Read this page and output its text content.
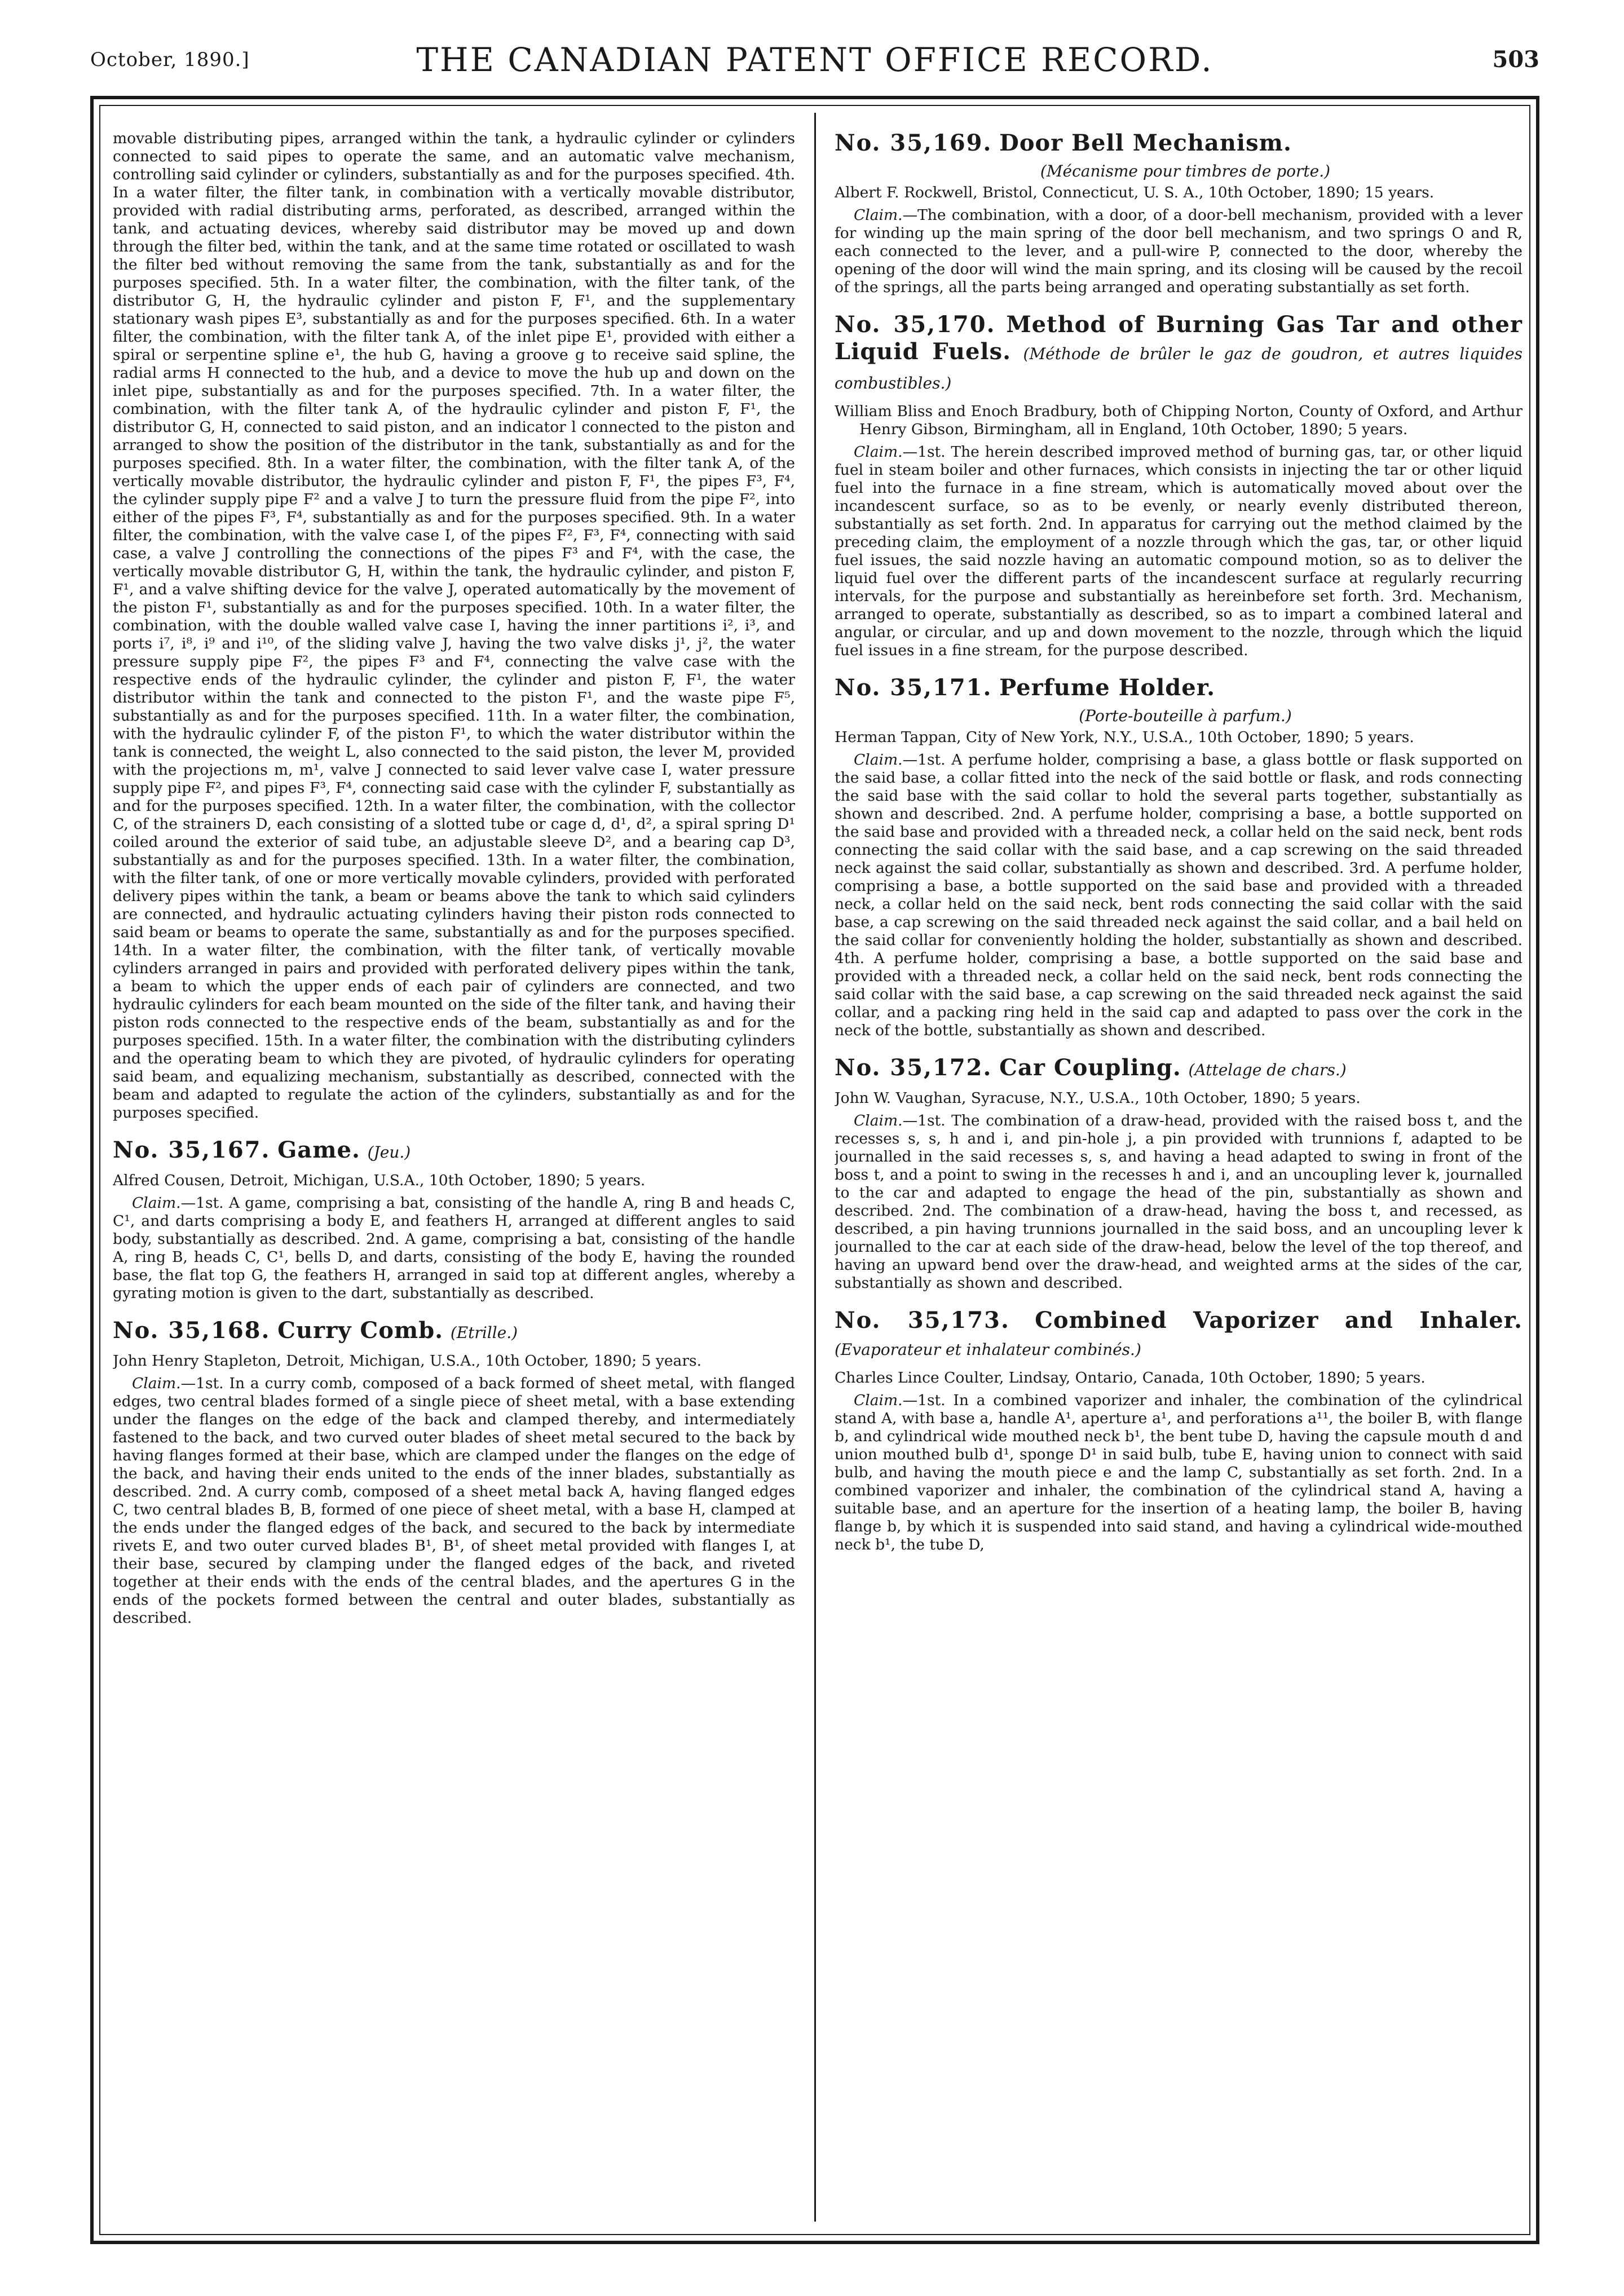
October, 1890.]	THE CANADIAN PATENT OFFICE RECORD.	503

movable distributing pipes, arranged within the tank, a hydraulic cylinder or cylinders connected to said pipes to operate the same, and an automatic valve mechanism, controlling said cylinder or cylinders, substantially as and for the purposes specified. 4th. In a water filter, the filter tank, in combination with a vertically movable distributor, provided with radial distributing arms, perforated, as described, arranged within the tank, and actuating devices, whereby said distributor may be moved up and down through the filter bed, within the tank, and at the same time rotated or oscillated to wash the filter bed without removing the same from the tank, substantially as and for the purposes specified. 5th. In a water filter, the combination, with the filter tank, of the distributor G, H, the hydraulic cylinder and piston F, F¹, and the supplementary stationary wash pipes E³, substantially as and for the purposes specified. 6th. In a water filter, the combination, with the filter tank A, of the inlet pipe E¹, provided with either a spiral or serpentine spline e¹, the hub G, having a groove g to receive said spline, the radial arms H connected to the hub, and a device to move the hub up and down on the inlet pipe, substantially as and for the purposes specified. 7th. In a water filter, the combination, with the filter tank A, of the hydraulic cylinder and piston F, F¹, the distributor G, H, connected to said piston, and an indicator l connected to the piston and arranged to show the position of the distributor in the tank, substantially as and for the purposes specified. 8th. In a water filter, the combination, with the filter tank A, of the vertically movable distributor, the hydraulic cylinder and piston F, F¹, the pipes F³, F⁴, the cylinder supply pipe F² and a valve J to turn the pressure fluid from the pipe F², into either of the pipes F³, F⁴, substantially as and for the purposes specified. 9th. In a water filter, the combination, with the valve case I, of the pipes F², F³, F⁴, connecting with said case, a valve J controlling the connections of the pipes F³ and F⁴, with the case, the vertically movable distributor G, H, within the tank, the hydraulic cylinder, and piston F, F¹, and a valve shifting device for the valve J, operated automatically by the movement of the piston F¹, substantially as and for the purposes specified. 10th. In a water filter, the combination, with the double walled valve case I, having the inner partitions i², i³, and ports i⁷, i⁸, i⁹ and i¹⁰, of the sliding valve J, having the two valve disks j¹, j², the water pressure supply pipe F², the pipes F³ and F⁴, connecting the valve case with the respective ends of the hydraulic cylinder, the cylinder and piston F, F¹, the water distributor within the tank and connected to the piston F¹, and the waste pipe F⁵, substantially as and for the purposes specified. 11th. In a water filter, the combination, with the hydraulic cylinder F, of the piston F¹, to which the water distributor within the tank is connected, the weight L, also connected to the said piston, the lever M, provided with the projections m, m¹, valve J connected to said lever valve case I, water pressure supply pipe F², and pipes F³, F⁴, connecting said case with the cylinder F, substantially as and for the purposes specified. 12th. In a water filter, the combination, with the collector C, of the strainers D, each consisting of a slotted tube or cage d, d¹, d², a spiral spring D¹ coiled around the exterior of said tube, an adjustable sleeve D², and a bearing cap D³, substantially as and for the purposes specified. 13th. In a water filter, the combination, with the filter tank, of one or more vertically movable cylinders, provided with perforated delivery pipes within the tank, a beam or beams above the tank to which said cylinders are connected, and hydraulic actuating cylinders having their piston rods connected to said beam or beams to operate the same, substantially as and for the purposes specified. 14th. In a water filter, the combination, with the filter tank, of vertically movable cylinders arranged in pairs and provided with perforated delivery pipes within the tank, a beam to which the upper ends of each pair of cylinders are connected, and two hydraulic cylinders for each beam mounted on the side of the filter tank, and having their piston rods connected to the respective ends of the beam, substantially as and for the purposes specified. 15th. In a water filter, the combination with the distributing cylinders and the operating beam to which they are pivoted, of hydraulic cylinders for operating said beam, and equalizing mechanism, substantially as described, connected with the beam and adapted to regulate the action of the cylinders, substantially as and for the purposes specified.

No. 35,167. Game. (Jeu.)

Alfred Cousen, Detroit, Michigan, U.S.A., 10th October, 1890; 5 years.

Claim.—1st. A game, comprising a bat, consisting of the handle A, ring B and heads C, C¹, and darts comprising a body E, and feathers H, arranged at different angles to said body, substantially as described. 2nd. A game, comprising a bat, consisting of the handle A, ring B, heads C, C¹, bells D, and darts, consisting of the body E, having the rounded base, the flat top G, the feathers H, arranged in said top at different angles, whereby a gyrating motion is given to the dart, substantially as described.

No. 35,168. Curry Comb. (Etrille.)

John Henry Stapleton, Detroit, Michigan, U.S.A., 10th October, 1890; 5 years.

Claim.—1st. In a curry comb, composed of a back formed of sheet metal, with flanged edges, two central blades formed of a single piece of sheet metal, with a base extending under the flanges on the edge of the back and clamped thereby, and intermediately fastened to the back, and two curved outer blades of sheet metal secured to the back by having flanges formed at their base, which are clamped under the flanges on the edge of the back, and having their ends united to the ends of the inner blades, substantially as described. 2nd. A curry comb, composed of a sheet metal back A, having flanged edges C, two central blades B, B, formed of one piece of sheet metal, with a base H, clamped at the ends under the flanged edges of the back, and secured to the back by intermediate rivets E, and two outer curved blades B¹, B¹, of sheet metal provided with flanges I, at their base, secured by clamping under the flanged edges of the back, and riveted together at their ends with the ends of the central blades, and the apertures G in the ends of the pockets formed between the central and outer blades, substantially as described.

No. 35,169. Door Bell Mechanism.

(Mécanisme pour timbres de porte.)

Albert F. Rockwell, Bristol, Connecticut, U. S. A., 10th October, 1890; 15 years.

Claim.—The combination, with a door, of a door-bell mechanism, provided with a lever for winding up the main spring of the door bell mechanism, and two springs O and R, each connected to the lever, and a pull-wire P, connected to the door, whereby the opening of the door will wind the main spring, and its closing will be caused by the recoil of the springs, all the parts being arranged and operating substantially as set forth.

No. 35,170. Method of Burning Gas Tar and other Liquid Fuels. (Méthode de brûler le gaz de goudron, et autres liquides combustibles.)

William Bliss and Enoch Bradbury, both of Chipping Norton, County of Oxford, and Arthur Henry Gibson, Birmingham, all in England, 10th October, 1890; 5 years.

Claim.—1st. The herein described improved method of burning gas, tar, or other liquid fuel in steam boiler and other furnaces, which consists in injecting the tar or other liquid fuel into the furnace in a fine stream, which is automatically moved about over the incandescent surface, so as to be evenly, or nearly evenly distributed thereon, substantially as set forth. 2nd. In apparatus for carrying out the method claimed by the preceding claim, the employment of a nozzle through which the gas, tar, or other liquid fuel issues, the said nozzle having an automatic compound motion, so as to deliver the liquid fuel over the different parts of the incandescent surface at regularly recurring intervals, for the purpose and substantially as hereinbefore set forth. 3rd. Mechanism, arranged to operate, substantially as described, so as to impart a combined lateral and angular, or circular, and up and down movement to the nozzle, through which the liquid fuel issues in a fine stream, for the purpose described.

No. 35,171. Perfume Holder.

(Porte-bouteille à parfum.)

Herman Tappan, City of New York, N.Y., U.S.A., 10th October, 1890; 5 years.

Claim.—1st. A perfume holder, comprising a base, a glass bottle or flask supported on the said base, a collar fitted into the neck of the said bottle or flask, and rods connecting the said base with the said collar to hold the several parts together, substantially as shown and described. 2nd. A perfume holder, comprising a base, a bottle supported on the said base and provided with a threaded neck, a collar held on the said neck, bent rods connecting the said collar with the said base, and a cap screwing on the said threaded neck against the said collar, substantially as shown and described. 3rd. A perfume holder, comprising a base, a bottle supported on the said base and provided with a threaded neck, a collar held on the said neck, bent rods connecting the said collar with the said base, a cap screwing on the said threaded neck against the said collar, and a bail held on the said collar for conveniently holding the holder, substantially as shown and described. 4th. A perfume holder, comprising a base, a bottle supported on the said base and provided with a threaded neck, a collar held on the said neck, bent rods connecting the said collar with the said base, a cap screwing on the said threaded neck against the said collar, and a packing ring held in the said cap and adapted to pass over the cork in the neck of the bottle, substantially as shown and described.

No. 35,172. Car Coupling. (Attelage de chars.)

John W. Vaughan, Syracuse, N.Y., U.S.A., 10th October, 1890; 5 years.

Claim.—1st. The combination of a draw-head, provided with the raised boss t, and the recesses s, s, h and i, and pin-hole j, a pin provided with trunnions f, adapted to be journalled in the said recesses s, s, and having a head adapted to swing in front of the boss t, and a point to swing in the recesses h and i, and an uncoupling lever k, journalled to the car and adapted to engage the head of the pin, substantially as shown and described. 2nd. The combination of a draw-head, having the boss t, and recessed, as described, a pin having trunnions journalled in the said boss, and an uncoupling lever k journalled to the car at each side of the draw-head, below the level of the top thereof, and having an upward bend over the draw-head, and weighted arms at the sides of the car, substantially as shown and described.

No. 35,173. Combined Vaporizer and Inhaler. (Evaporateur et inhalateur combinés.)

Charles Lince Coulter, Lindsay, Ontario, Canada, 10th October, 1890; 5 years.

Claim.—1st. In a combined vaporizer and inhaler, the combination of the cylindrical stand A, with base a, handle A¹, aperture a¹, and perforations a¹¹, the boiler B, with flange b, and cylindrical wide mouthed neck b¹, the bent tube D, having the capsule mouth d and union mouthed bulb d¹, sponge D¹ in said bulb, tube E, having union to connect with said bulb, and having the mouth piece e and the lamp C, substantially as set forth. 2nd. In a combined vaporizer and inhaler, the combination of the cylindrical stand A, having a suitable base, and an aperture for the insertion of a heating lamp, the boiler B, having flange b, by which it is suspended into said stand, and having a cylindrical wide-mouthed neck b¹, the tube D,
